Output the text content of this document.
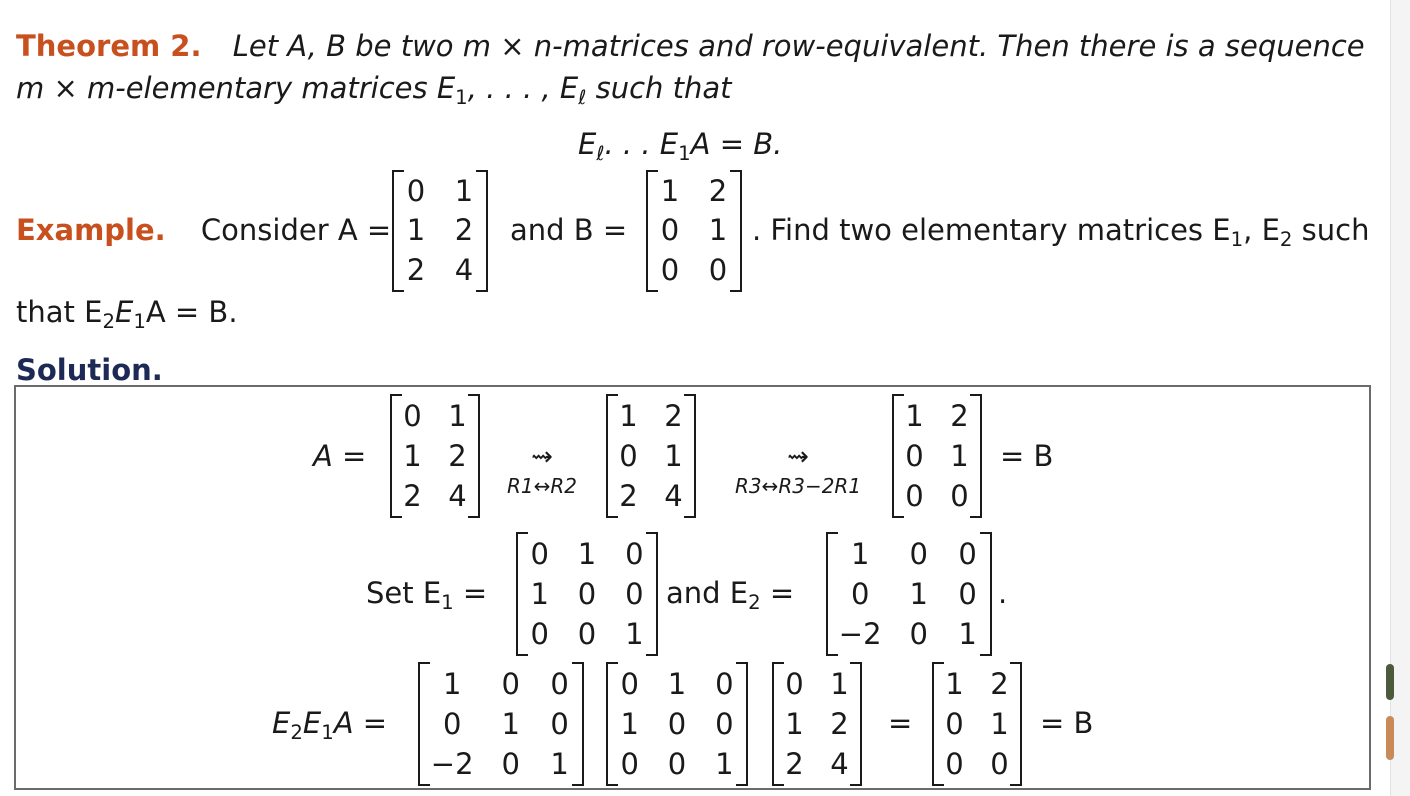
Theorem 2. Let A, B be two m × n-matrices and row-equivalent. Then there is a sequence
m × m-elementary matrices E1, . . . , Eℓ such that
Eℓ. . . E1A = B.
Example. Consider A =
0	1
1	2
2	4
and B =
1	2
0	1
0	0
. Find two elementary matrices E1, E2 such
that E2E1A = B.
Solution.
A =
0 1
1 2
2 4
⇝
R1↔R2
1 2
0 1
2 4
⇝
R3↔R3−2R1
1 2
0 1
0 0
= B
Set E1 =
0 1 0
1 0 0
0 0 1
and E2 =
1	0	0
0	1	0
−2 0	1
.
E2E1A =
1	0	0
0	1	0
−2 0	1
0 1 0
1 0 0
0 0 1
0 1
1 2
2 4
=
1 2
0 1
0 0
= B
